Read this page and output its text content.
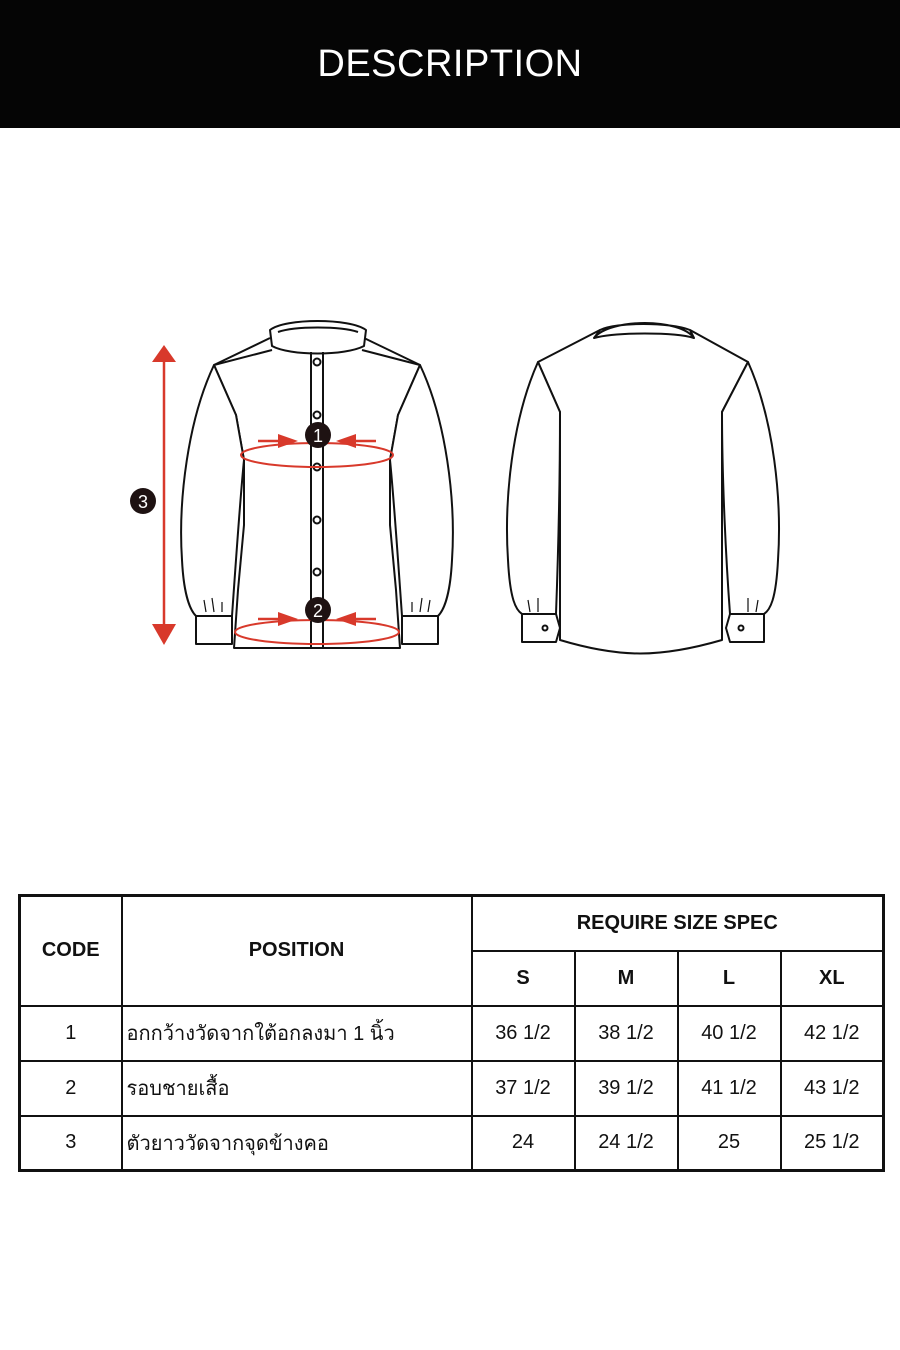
DESCRIPTION
1
2
3
CODE	POSITION	REQUIRE SIZE SPEC			
		S	M	L	XL
1	อกกว้างวัดจากใต้อกลงมา 1 นิ้ว	36 1/2	38 1/2	40 1/2	42 1/2
2	รอบชายเสื้อ	37 1/2	39 1/2	41 1/2	43 1/2
3	ตัวยาววัดจากจุดข้างคอ	24	24 1/2	25	25 1/2
